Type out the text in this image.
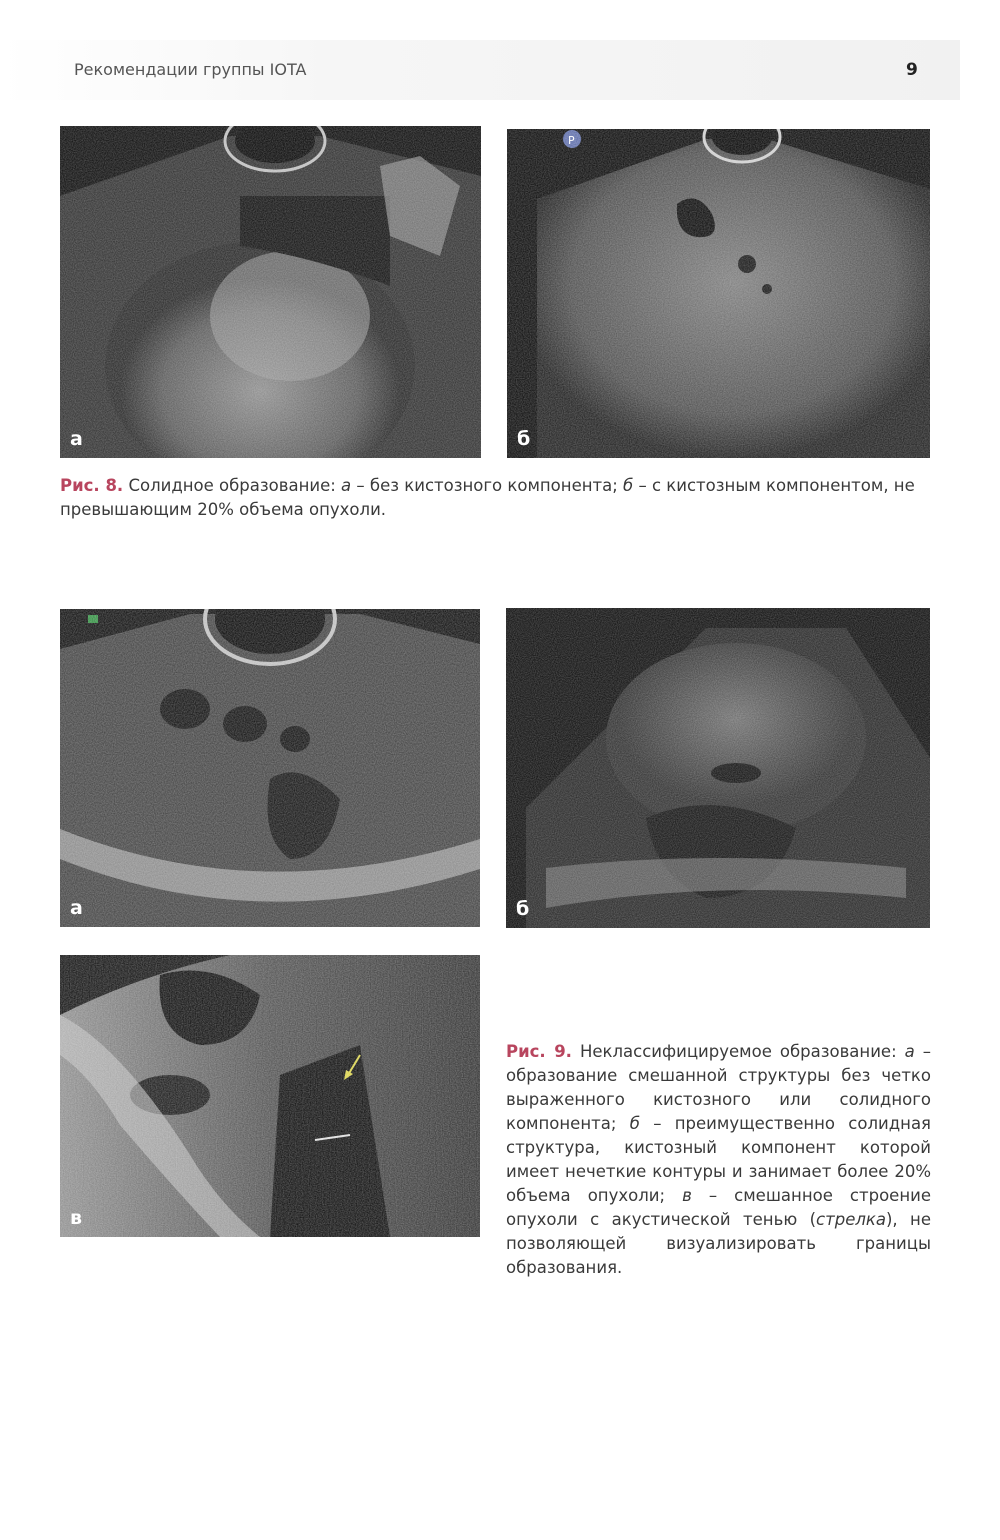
Рекомендации группы IOTA	9
а	б
Рис. 8. Солидное образование: а – без кистозного компонента; б – с кистозным компонентом, не превышающим 20% объема опухоли.
а	б
в
Рис. 9. Неклассифицируемое образование: а – образование смешанной структуры без четко выраженного кистозного или солидного компонента; б – преимущественно солидная структура, кистозный компонент которой имеет нечеткие контуры и занимает более 20% объема опухоли; в – смешанное строение опухоли с акустической тенью (стрелка), не позволяющей визуализировать границы образования.
